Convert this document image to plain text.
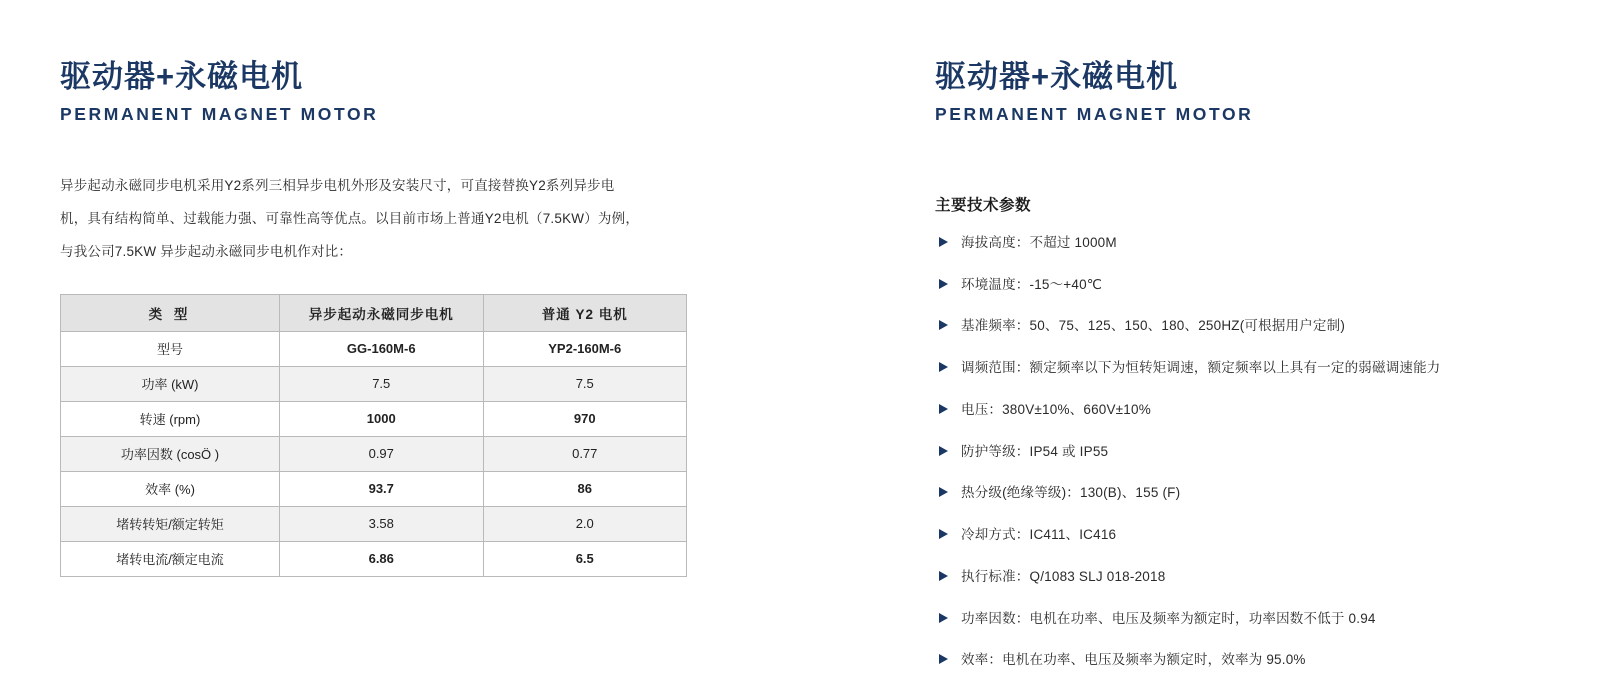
驱动器+永磁电机
PERMANENT MAGNET MOTOR

异步起动永磁同步电机采用Y2系列三相异步电机外形及安装尺寸，可直接替换Y2系列异步电机，具有结构简单、过载能力强、可靠性高等优点。以目前市场上普通Y2电机（7.5KW）为例，与我公司7.5KW 异步起动永磁同步电机作对比：

类 型	异步起动永磁同步电机	普通 Y2 电机
型号	GG-160M-6	YP2-160M-6
功率 (kW)	7.5	7.5
转速 (rpm)	1000	970
功率因数 (cosÖ )	0.97	0.77
效率 (%)	93.7	86
堵转转矩/额定转矩	3.58	2.0
堵转电流/额定电流	6.86	6.5
驱动器+永磁电机
PERMANENT MAGNET MOTOR
主要技术参数
海拔高度：不超过 1000M
环境温度：-15～+40℃
基准频率：50、75、125、150、180、250HZ(可根据用户定制)
调频范围：额定频率以下为恒转矩调速，额定频率以上具有一定的弱磁调速能力
电压：380V±10%、660V±10%
防护等级：IP54 或 IP55
热分级(绝缘等级)：130(B)、155 (F)
冷却方式：IC411、IC416
执行标准：Q/1083 SLJ 018-2018
功率因数：电机在功率、电压及频率为额定时，功率因数不低于 0.94
效率：电机在功率、电压及频率为额定时，效率为 95.0%
